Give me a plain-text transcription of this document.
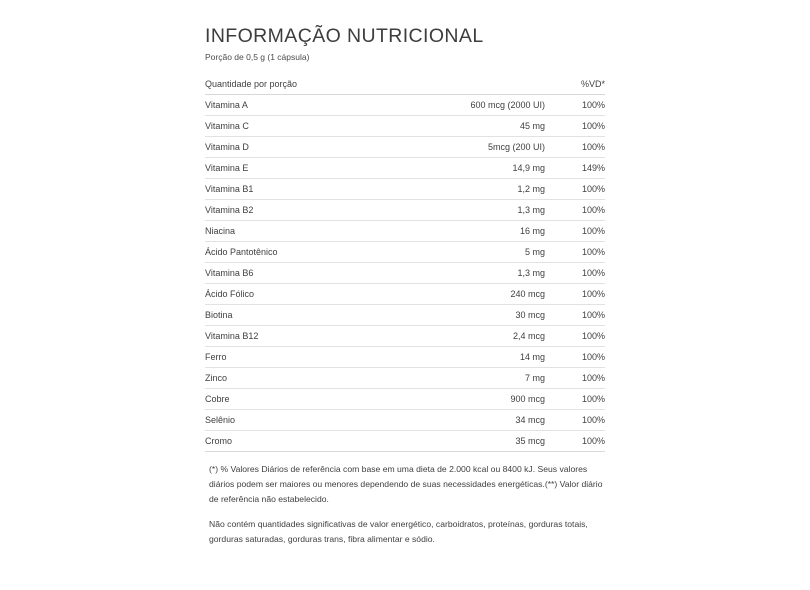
INFORMAÇÃO NUTRICIONAL
Porção de 0,5 g (1 cápsula)
Quantidade por porção		%VD*
Vitamina A	600 mcg (2000 UI)	100%
Vitamina C	45 mg	100%
Vitamina D	5mcg (200 UI)	100%
Vitamina E	14,9 mg	149%
Vitamina B1	1,2 mg	100%
Vitamina B2	1,3 mg	100%
Niacina	16 mg	100%
Ácido Pantotênico	5 mg	100%
Vitamina B6	1,3 mg	100%
Ácido Fólico	240 mcg	100%
Biotina	30 mcg	100%
Vitamina B12	2,4 mcg	100%
Ferro	14 mg	100%
Zinco	7 mg	100%
Cobre	900 mcg	100%
Selênio	34 mcg	100%
Cromo	35 mcg	100%

(*) % Valores Diários de referência com base em uma dieta de 2.000 kcal ou 8400 kJ. Seus valores diários podem ser maiores ou menores dependendo de suas necessidades energéticas.(**) Valor diário de referência não estabelecido.

Não contém quantidades significativas de valor energético, carboidratos, proteínas, gorduras totais, gorduras saturadas, gorduras trans, fibra alimentar e sódio.
